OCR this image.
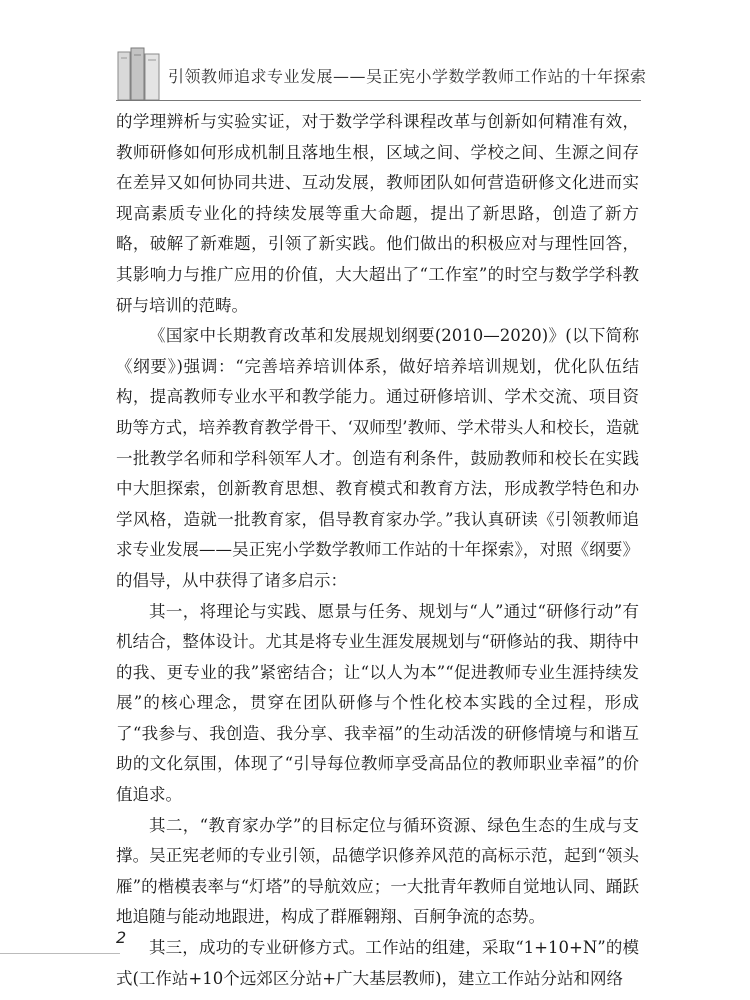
引领教师追求专业发展——吴正宪小学数学教师工作站的十年探索

的学理辨析与实验实证，对于数学学科课程改革与创新如何精准有效，教师研修如何形成机制且落地生根，区域之间、学校之间、生源之间存在差异又如何协同共进、互动发展，教师团队如何营造研修文化进而实现高素质专业化的持续发展等重大命题，提出了新思路，创造了新方略，破解了新难题，引领了新实践。他们做出的积极应对与理性回答，其影响力与推广应用的价值，大大超出了“工作室”的时空与数学学科教研与培训的范畴。

《国家中长期教育改革和发展规划纲要(2010—2020)》(以下简称《纲要》)强调：“完善培养培训体系，做好培养培训规划，优化队伍结构，提高教师专业水平和教学能力。通过研修培训、学术交流、项目资助等方式，培养教育教学骨干、‘双师型’教师、学术带头人和校长，造就一批教学名师和学科领军人才。创造有利条件，鼓励教师和校长在实践中大胆探索，创新教育思想、教育模式和教育方法，形成教学特色和办学风格，造就一批教育家，倡导教育家办学。”我认真研读《引领教师追求专业发展——吴正宪小学数学教师工作站的十年探索》，对照《纲要》的倡导，从中获得了诸多启示：

其一，将理论与实践、愿景与任务、规划与“人”通过“研修行动”有机结合，整体设计。尤其是将专业生涯发展规划与“研修站的我、期待中的我、更专业的我”紧密结合；让“以人为本”“促进教师专业生涯持续发展”的核心理念，贯穿在团队研修与个性化校本实践的全过程，形成了“我参与、我创造、我分享、我幸福”的生动活泼的研修情境与和谐互助的文化氛围，体现了“引导每位教师享受高品位的教师职业幸福”的价值追求。

其二，“教育家办学”的目标定位与循环资源、绿色生态的生成与支撑。吴正宪老师的专业引领，品德学识修养风范的高标示范，起到“领头雁”的楷模表率与“灯塔”的导航效应；一大批青年教师自觉地认同、踊跃地追随与能动地跟进，构成了群雁翱翔、百舸争流的态势。

其三，成功的专业研修方式。工作站的组建，采取“1+10+N”的模式(工作站+10个远郊区分站+广大基层教师)，建立工作站分站和网络

2
